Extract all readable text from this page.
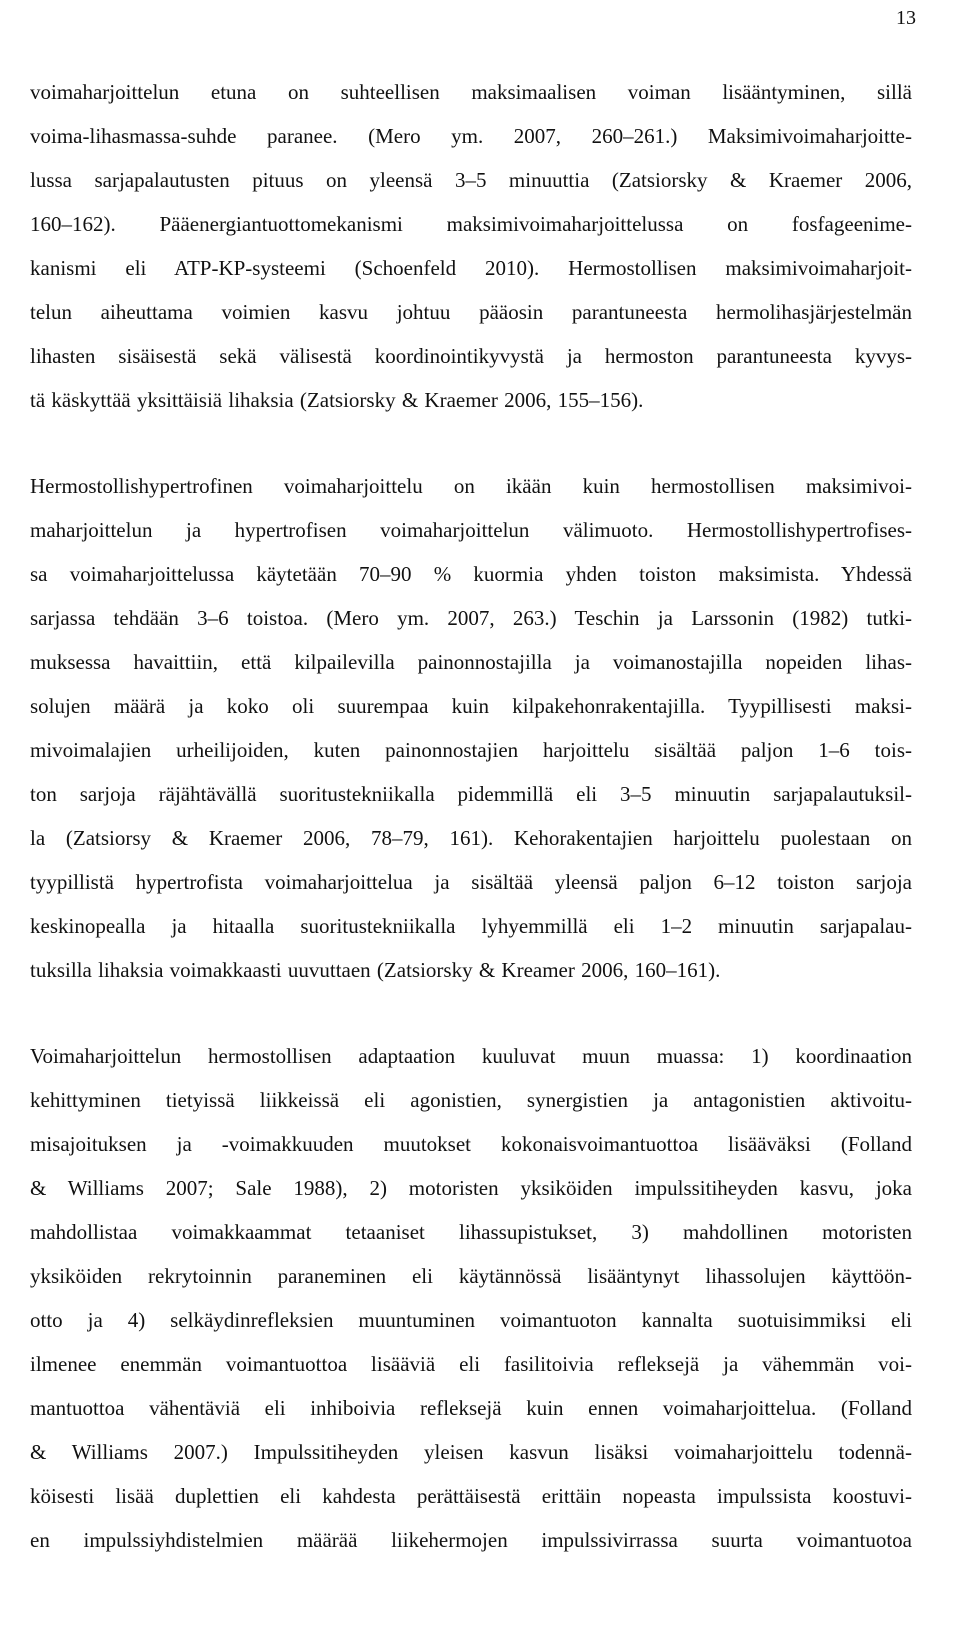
13
voimaharjoittelun etuna on suhteellisen maksimaalisen voiman lisääntyminen, sillä
voima-lihasmassa-suhde paranee. (Mero ym. 2007, 260–261.) Maksimivoimaharjoitte-
lussa sarjapalautusten pituus on yleensä 3–5 minuuttia (Zatsiorsky & Kraemer 2006,
160–162). Pääenergiantuottomekanismi maksimivoimaharjoittelussa on fosfageenime-
kanismi eli ATP-KP-systeemi (Schoenfeld 2010). Hermostollisen maksimivoimaharjoit-
telun aiheuttama voimien kasvu johtuu pääosin parantuneesta hermolihasjärjestelmän
lihasten sisäisestä sekä välisestä koordinointikyvystä ja hermoston parantuneesta kyvys-
tä käskyttää yksittäisiä lihaksia (Zatsiorsky & Kraemer 2006, 155–156).
Hermostollishypertrofinen voimaharjoittelu on ikään kuin hermostollisen maksimivoi-
maharjoittelun ja hypertrofisen voimaharjoittelun välimuoto. Hermostollishypertrofises-
sa voimaharjoittelussa käytetään 70–90 % kuormia yhden toiston maksimista. Yhdessä
sarjassa tehdään 3–6 toistoa. (Mero ym. 2007, 263.) Teschin ja Larssonin (1982) tutki-
muksessa havaittiin, että kilpailevilla painonnostajilla ja voimanostajilla nopeiden lihas-
solujen määrä ja koko oli suurempaa kuin kilpakehonrakentajilla. Tyypillisesti maksi-
mivoimalajien urheilijoiden, kuten painonnostajien harjoittelu sisältää paljon 1–6 tois-
ton sarjoja räjähtävällä suoritustekniikalla pidemmillä eli 3–5 minuutin sarjapalautuksil-
la (Zatsiorsy & Kraemer 2006, 78–79, 161). Kehorakentajien harjoittelu puolestaan on
tyypillistä hypertrofista voimaharjoittelua ja sisältää yleensä paljon 6–12 toiston sarjoja
keskinopealla ja hitaalla suoritustekniikalla lyhyemmillä eli 1–2 minuutin sarjapalau-
tuksilla lihaksia voimakkaasti uuvuttaen (Zatsiorsky & Kreamer 2006, 160–161).
Voimaharjoittelun hermostollisen adaptaation kuuluvat muun muassa: 1) koordinaation
kehittyminen tietyissä liikkeissä eli agonistien, synergistien ja antagonistien aktivoitu-
misajoituksen ja -voimakkuuden muutokset kokonaisvoimantuottoa lisääväksi (Folland
& Williams 2007; Sale 1988), 2) motoristen yksiköiden impulssitiheyden kasvu, joka
mahdollistaa voimakkaammat tetaaniset lihassupistukset, 3) mahdollinen motoristen
yksiköiden rekrytoinnin paraneminen eli käytännössä lisääntynyt lihassolujen käyttöön-
otto ja 4) selkäydinrefleksien muuntuminen voimantuoton kannalta suotuisimmiksi eli
ilmenee enemmän voimantuottoa lisääviä eli fasilitoivia refleksejä ja vähemmän voi-
mantuottoa vähentäviä eli inhiboivia refleksejä kuin ennen voimaharjoittelua. (Folland
& Williams 2007.) Impulssitiheyden yleisen kasvun lisäksi voimaharjoittelu todennä-
köisesti lisää duplettien eli kahdesta perättäisestä erittäin nopeasta impulssista koostuvi-
en impulssiyhdistelmien määrää liikehermojen impulssivirrassa suurta voimantuotoa
